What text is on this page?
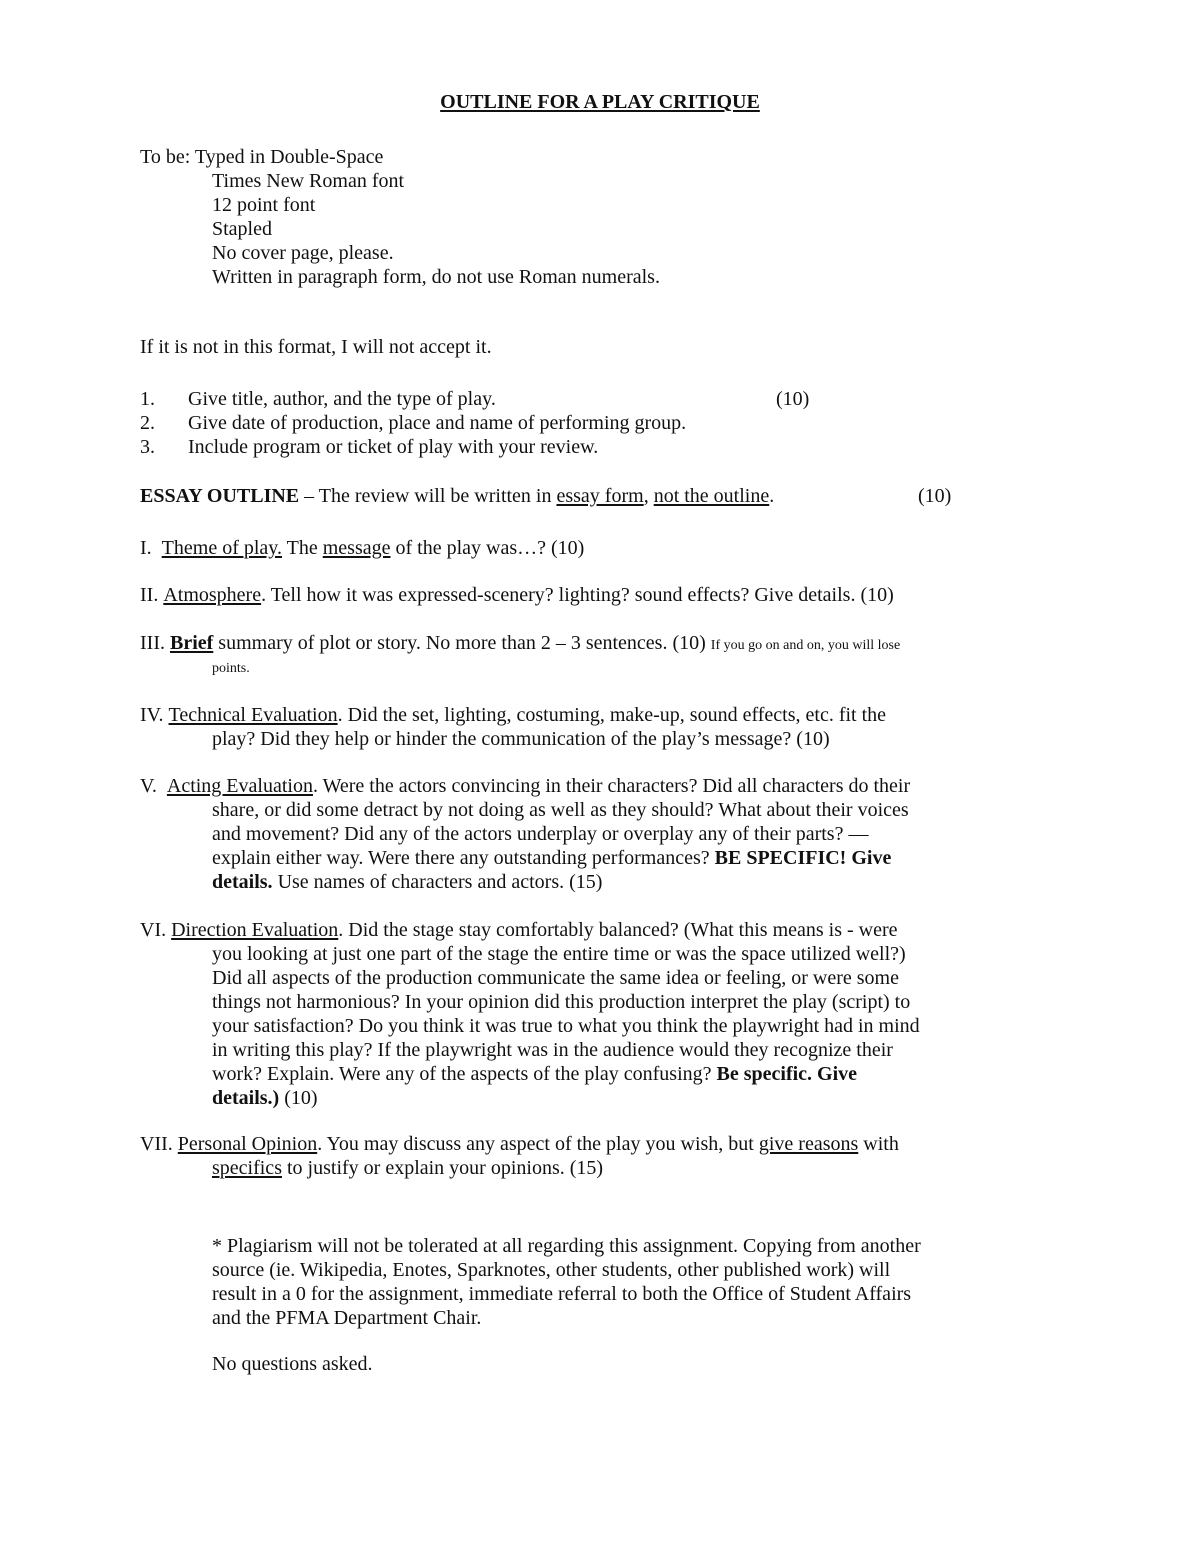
OUTLINE FOR A PLAY CRITIQUE
To be: Typed in Double-Space
Times New Roman font
12 point font
Stapled
No cover page, please.
Written in paragraph form, do not use Roman numerals.
If it is not in this format, I will not accept it.
1. Give title, author, and the type of play.	(10)
2. Give date of production, place and name of performing group.
3. Include program or ticket of play with your review.
ESSAY OUTLINE – The review will be written in essay form, not the outline.	(10)
I. Theme of play. The message of the play was…? (10)
II. Atmosphere. Tell how it was expressed-scenery? lighting? sound effects? Give details. (10)
III. Brief summary of plot or story. No more than 2 – 3 sentences. (10) If you go on and on, you will lose
points.
IV. Technical Evaluation. Did the set, lighting, costuming, make-up, sound effects, etc. fit the
play? Did they help or hinder the communication of the play’s message? (10)
V. Acting Evaluation. Were the actors convincing in their characters? Did all characters do their
share, or did some detract by not doing as well as they should? What about their voices
and movement? Did any of the actors underplay or overplay any of their parts? —
explain either way. Were there any outstanding performances? BE SPECIFIC! Give
details. Use names of characters and actors. (15)
VI. Direction Evaluation. Did the stage stay comfortably balanced? (What this means is - were
you looking at just one part of the stage the entire time or was the space utilized well?)
Did all aspects of the production communicate the same idea or feeling, or were some
things not harmonious? In your opinion did this production interpret the play (script) to
your satisfaction? Do you think it was true to what you think the playwright had in mind
in writing this play? If the playwright was in the audience would they recognize their
work? Explain. Were any of the aspects of the play confusing? Be specific. Give
details.) (10)
VII. Personal Opinion. You may discuss any aspect of the play you wish, but give reasons with
specifics to justify or explain your opinions. (15)
* Plagiarism will not be tolerated at all regarding this assignment. Copying from another
source (ie. Wikipedia, Enotes, Sparknotes, other students, other published work) will
result in a 0 for the assignment, immediate referral to both the Office of Student Affairs
and the PFMA Department Chair.
No questions asked.
